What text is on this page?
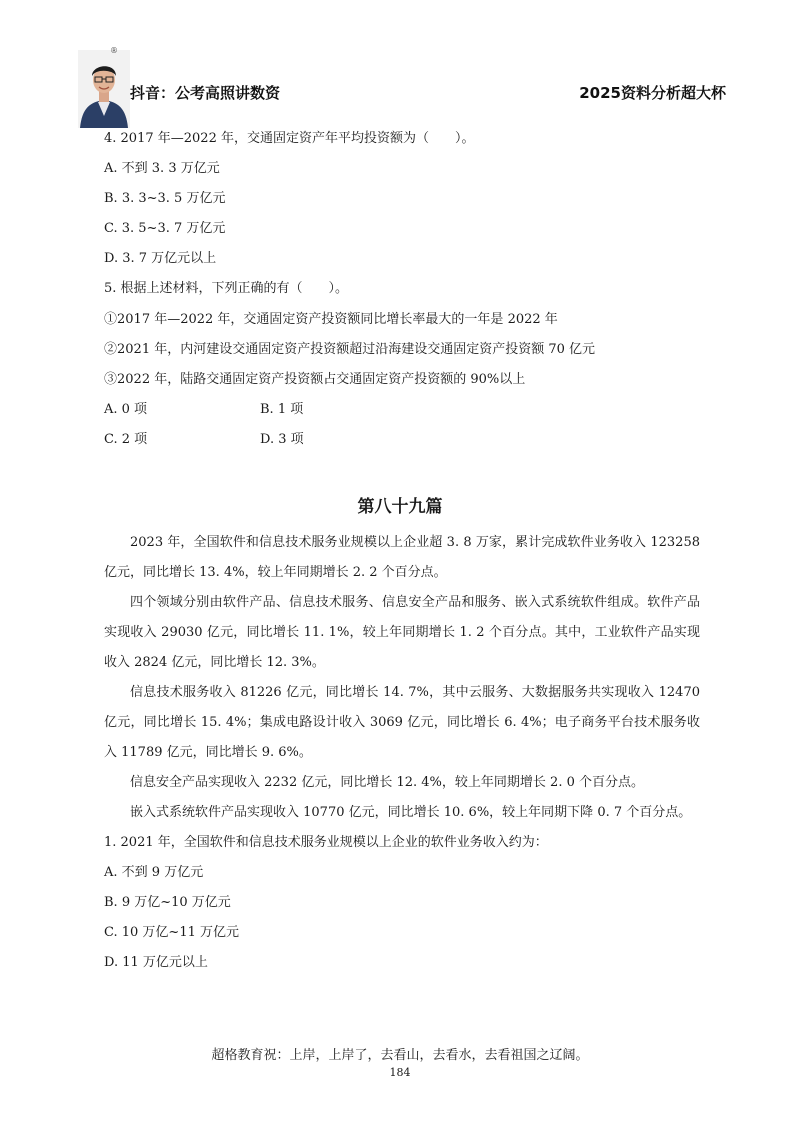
®
抖音：公考高照讲数资	2025资料分析超大杯
4. 2017 年—2022 年，交通固定资产年平均投资额为（　　）。
A. 不到 3. 3 万亿元
B. 3. 3~3. 5 万亿元
C. 3. 5~3. 7 万亿元
D. 3. 7 万亿元以上
5. 根据上述材料，下列正确的有（　　）。
①2017 年—2022 年，交通固定资产投资额同比增长率最大的一年是 2022 年
②2021 年，内河建设交通固定资产投资额超过沿海建设交通固定资产投资额 70 亿元
③2022 年，陆路交通固定资产投资额占交通固定资产投资额的 90%以上
A. 0 项	B. 1 项
C. 2 项	D. 3 项
第八十九篇

2023 年，全国软件和信息技术服务业规模以上企业超 3. 8 万家，累计完成软件业务收入 123258 亿元，同比增长 13. 4%，较上年同期增长 2. 2 个百分点。

四个领域分别由软件产品、信息技术服务、信息安全产品和服务、嵌入式系统软件组成。软件产品实现收入 29030 亿元，同比增长 11. 1%，较上年同期增长 1. 2 个百分点。其中，工业软件产品实现收入 2824 亿元，同比增长 12. 3%。

信息技术服务收入 81226 亿元，同比增长 14. 7%，其中云服务、大数据服务共实现收入 12470 亿元，同比增长 15. 4%；集成电路设计收入 3069 亿元，同比增长 6. 4%；电子商务平台技术服务收入 11789 亿元，同比增长 9. 6%。

信息安全产品实现收入 2232 亿元，同比增长 12. 4%，较上年同期增长 2. 0 个百分点。

嵌入式系统软件产品实现收入 10770 亿元，同比增长 10. 6%，较上年同期下降 0. 7 个百分点。

1. 2021 年，全国软件和信息技术服务业规模以上企业的软件业务收入约为：
A. 不到 9 万亿元
B. 9 万亿~10 万亿元
C. 10 万亿~11 万亿元
D. 11 万亿元以上
超格教育祝：上岸，上岸了，去看山，去看水，去看祖国之辽阔。
184
